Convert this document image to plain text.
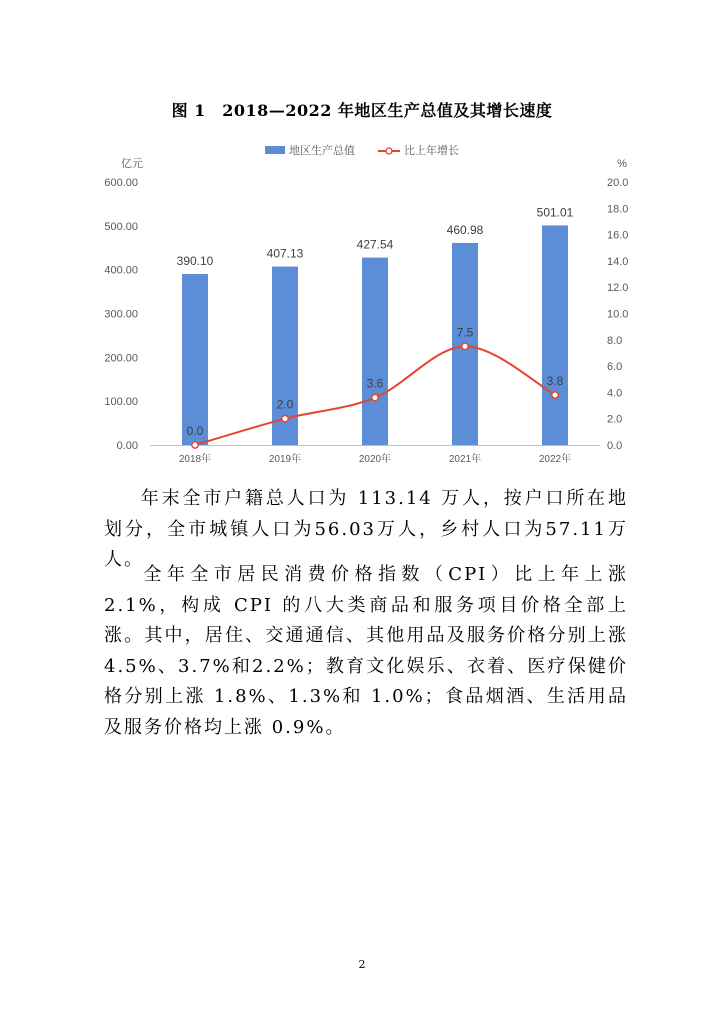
图 1　2018—2022 年地区生产总值及其增长速度
亿元	%
0.00
100.00
200.00
300.00
400.00
500.00
600.00
0.0
2.0
4.0
6.0
8.0
10.0
12.0
14.0
16.0
18.0
20.0
390.10
407.13
427.54
460.98
501.01
2018年	2019年	2020年	2021年	2022年
0.0
2.0
3.6
7.5
3.8
地区生产总值	比上年增长
年末全市户籍总人口为 113.14 万人，按户口所在地划分，全市城镇人口为56.03万人，乡村人口为57.11万人。
全年全市居民消费价格指数（CPI）比上年上涨 2.1%，构成 CPI 的八大类商品和服务项目价格全部上涨。其中，居住、交通通信、其他用品及服务价格分别上涨 4.5%、3.7%和2.2%；教育文化娱乐、衣着、医疗保健价格分别上涨 1.8%、1.3%和 1.0%；食品烟酒、生活用品及服务价格均上涨 0.9%。
2
